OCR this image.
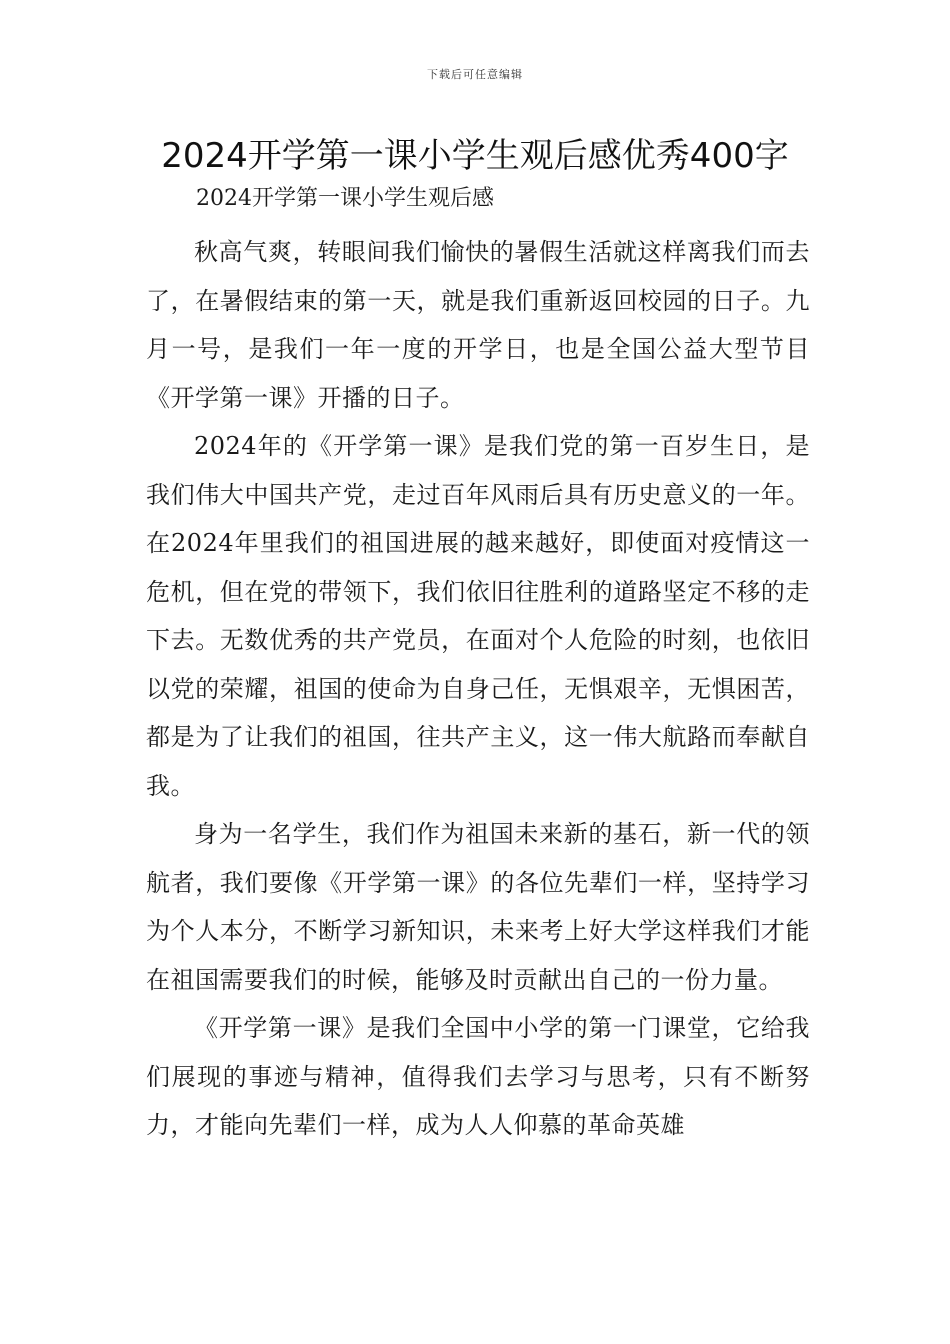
下载后可任意编辑
2024开学第一课小学生观后感优秀400字
2024开学第一课小学生观后感

秋高气爽，转眼间我们愉快的暑假生活就这样离我们而去了，在暑假结束的第一天，就是我们重新返回校园的日子。九月一号，是我们一年一度的开学日，也是全国公益大型节目《开学第一课》开播的日子。

2024年的《开学第一课》是我们党的第一百岁生日，是我们伟大中国共产党，走过百年风雨后具有历史意义的一年。在2024年里我们的祖国进展的越来越好，即使面对疫情这一危机，但在党的带领下，我们依旧往胜利的道路坚定不移的走下去。无数优秀的共产党员，在面对个人危险的时刻，也依旧以党的荣耀，祖国的使命为自身己任，无惧艰辛，无惧困苦，都是为了让我们的祖国，往共产主义，这一伟大航路而奉献自我。

身为一名学生，我们作为祖国未来新的基石，新一代的领航者，我们要像《开学第一课》的各位先辈们一样，坚持学习为个人本分，不断学习新知识，未来考上好大学这样我们才能在祖国需要我们的时候，能够及时贡献出自己的一份力量。

《开学第一课》是我们全国中小学的第一门课堂，它给我们展现的事迹与精神，值得我们去学习与思考，只有不断努力，才能向先辈们一样，成为人人仰慕的革命英雄
